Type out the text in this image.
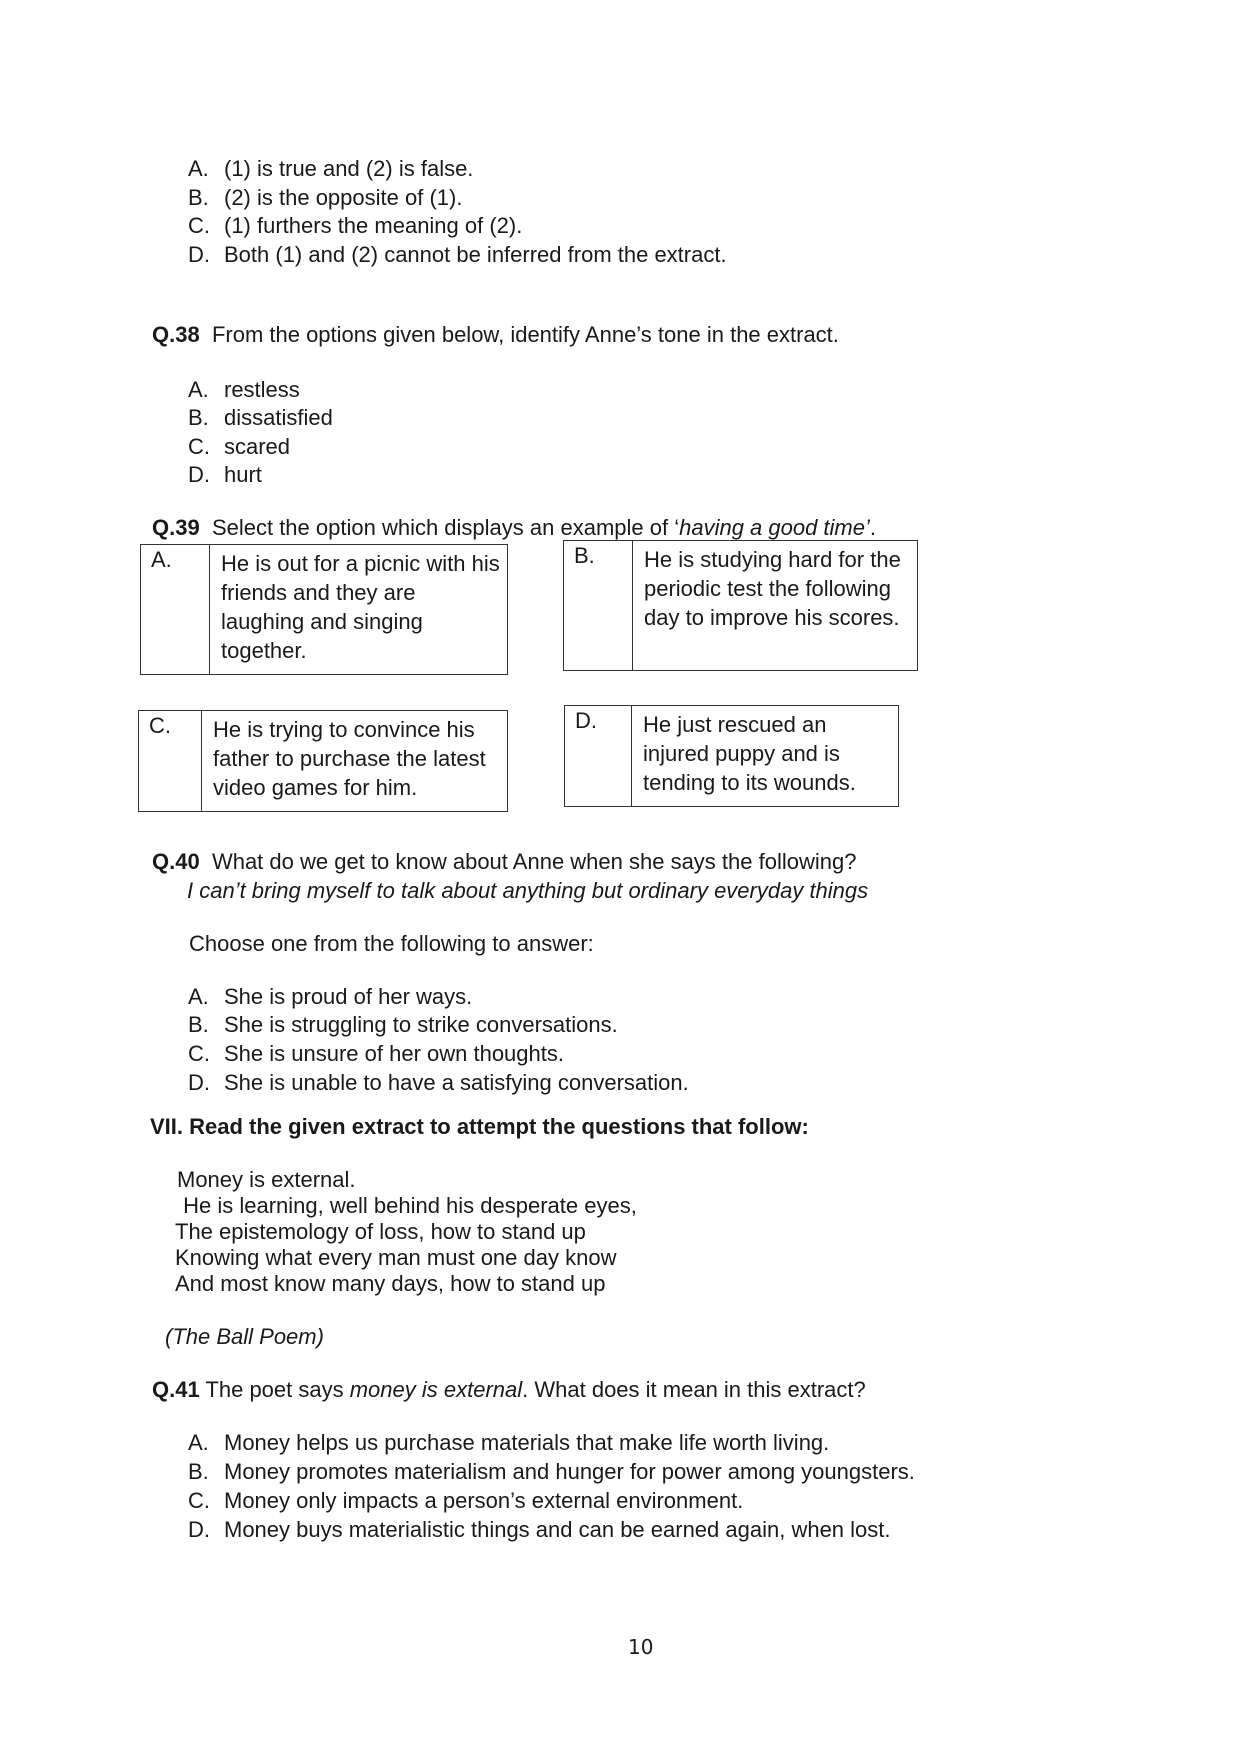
A. (1) is true and (2) is false.
B. (2) is the opposite of (1).
C. (1) furthers the meaning of (2).
D. Both (1) and (2) cannot be inferred from the extract.
Q.38 From the options given below, identify Anne’s tone in the extract.
A. restless
B. dissatisfied
C. scared
D. hurt
Q.39 Select the option which displays an example of ‘having a good time’.
A. He is out for a picnic with his friends and they are laughing and singing together.
B. He is studying hard for the periodic test the following day to improve his scores.
C. He is trying to convince his father to purchase the latest video games for him.
D. He just rescued an injured puppy and is tending to its wounds.
Q.40 What do we get to know about Anne when she says the following?
I can’t bring myself to talk about anything but ordinary everyday things
Choose one from the following to answer:
A. She is proud of her ways.
B. She is struggling to strike conversations.
C. She is unsure of her own thoughts.
D. She is unable to have a satisfying conversation.
VII. Read the given extract to attempt the questions that follow:
Money is external.
He is learning, well behind his desperate eyes,
The epistemology of loss, how to stand up
Knowing what every man must one day know
And most know many days, how to stand up
(The Ball Poem)
Q.41 The poet says money is external. What does it mean in this extract?
A. Money helps us purchase materials that make life worth living.
B. Money promotes materialism and hunger for power among youngsters.
C. Money only impacts a person’s external environment.
D. Money buys materialistic things and can be earned again, when lost.
10
